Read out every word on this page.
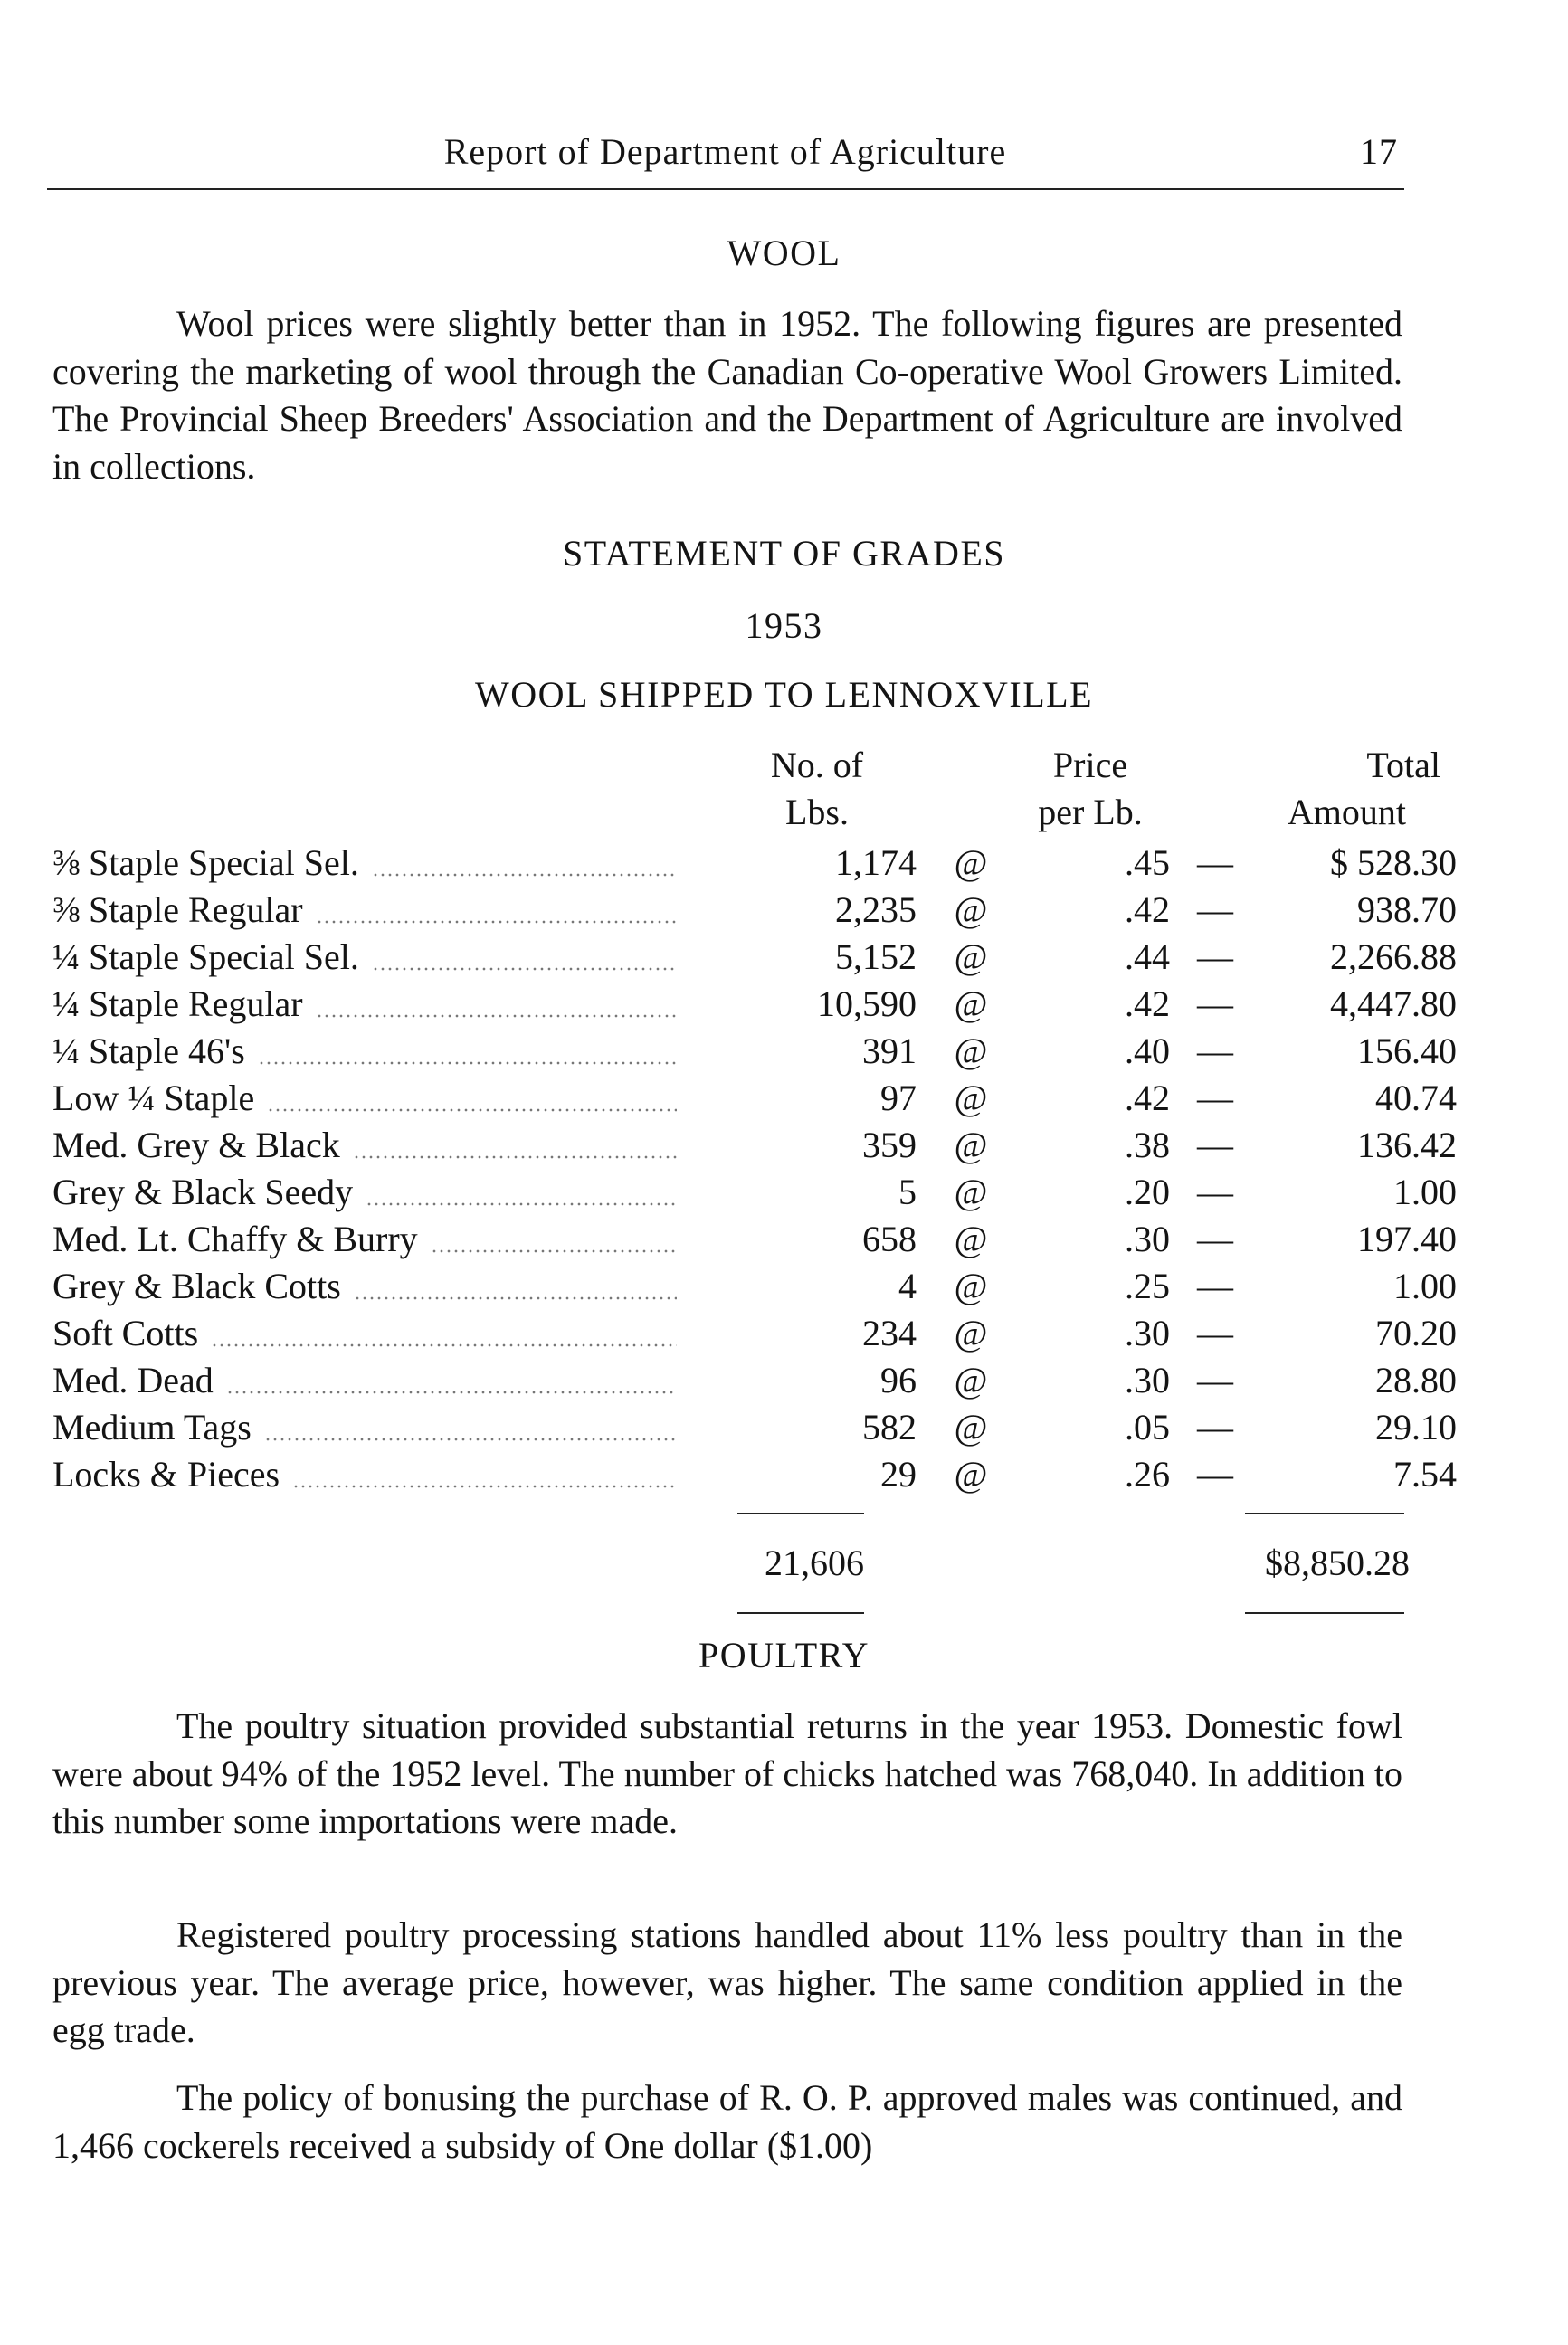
Report of Department of Agriculture	17
WOOL

Wool prices were slightly better than in 1952. The following figures are presented covering the marketing of wool through the Canadian Co-operative Wool Growers Limited. The Provincial Sheep Breeders' Association and the Department of Agriculture are involved in collections.

STATEMENT OF GRADES
1953
WOOL SHIPPED TO LENNOXVILLE
No. of
Lbs.
Price
per Lb.
Total
Amount
⅜ Staple Special Sel.	1,174 @	.45 —	$ 528.30
⅜ Staple Regular	2,235 @	.42 —	938.70
¼ Staple Special Sel.	5,152 @	.44 —	2,266.88
¼ Staple Regular	10,590 @	.42 —	4,447.80
¼ Staple 46's	391 @	.40 —	156.40
Low ¼ Staple	97 @	.42 —	40.74
Med. Grey & Black	359 @	.38 —	136.42
Grey & Black Seedy	5 @	.20 —	1.00
Med. Lt. Chaffy & Burry	658 @	.30 —	197.40
Grey & Black Cotts	4 @	.25 —	1.00
Soft Cotts	234 @	.30 —	70.20
Med. Dead	96 @	.30 —	28.80
Medium Tags	582 @	.05 —	29.10
Locks & Pieces	29 @	.26 —	7.54
21,606	$8,850.28
POULTRY

The poultry situation provided substantial returns in the year 1953. Domestic fowl were about 94% of the 1952 level. The number of chicks hatched was 768,040. In addition to this number some importations were made.

Registered poultry processing stations handled about 11% less poultry than in the previous year. The average price, however, was higher. The same condition applied in the egg trade.

The policy of bonusing the purchase of R. O. P. approved males was continued, and 1,466 cockerels received a subsidy of One dollar ($1.00)
